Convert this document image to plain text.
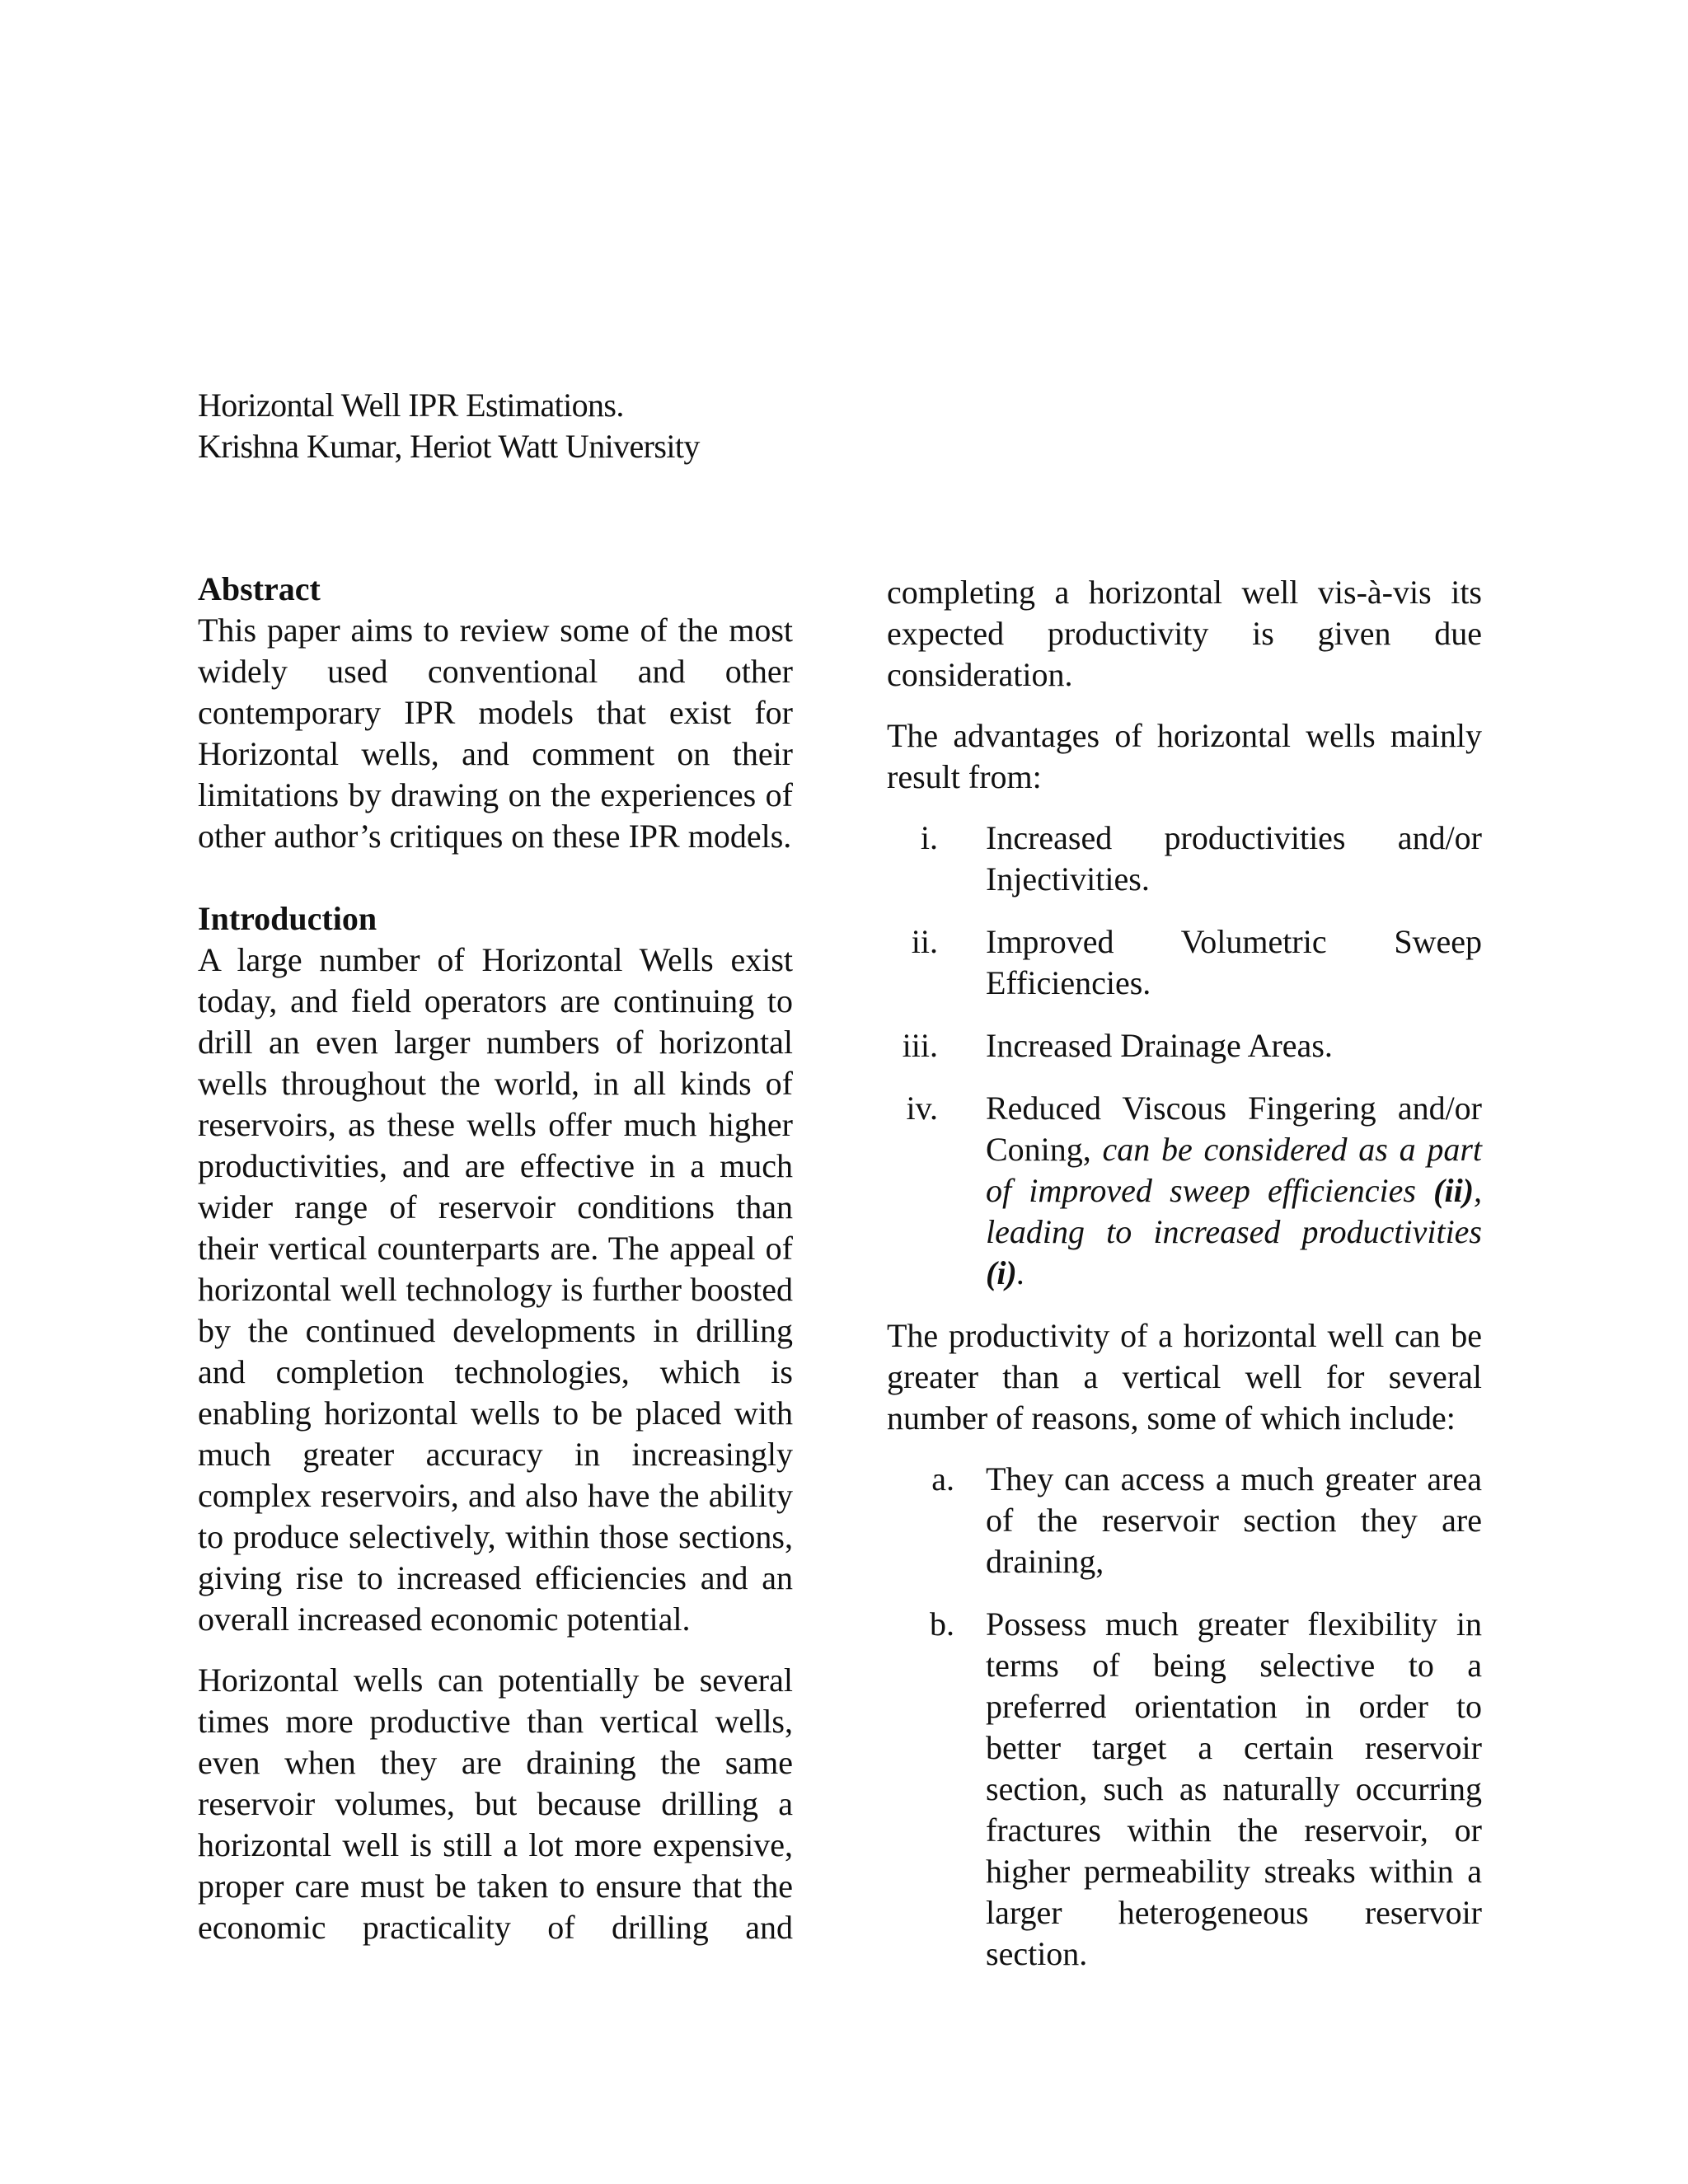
Horizontal Well IPR Estimations.
Krishna Kumar, Heriot Watt University
Abstract

This paper aims to review some of the most widely used conventional and other contemporary IPR models that exist for Horizontal wells, and comment on their limitations by drawing on the experiences of other author’s critiques on these IPR models.

Introduction

A large number of Horizontal Wells exist today, and field operators are continuing to drill an even larger numbers of horizontal wells throughout the world, in all kinds of reservoirs, as these wells offer much higher productivities, and are effective in a much wider range of reservoir conditions than their vertical counterparts are. The appeal of horizontal well technology is further boosted by the continued developments in drilling and completion technologies, which is enabling horizontal wells to be placed with much greater accuracy in increasingly complex reservoirs, and also have the ability to produce selectively, within those sections, giving rise to increased efficiencies and an overall increased economic potential.

Horizontal wells can potentially be several times more productive than vertical wells, even when they are draining the same reservoir volumes, but because drilling a horizontal well is still a lot more expensive, proper care must be taken to ensure that the economic practicality of drilling and

completing a horizontal well vis-à-vis its expected productivity is given due consideration.

The advantages of horizontal wells mainly result from:

i. Increased productivities and/or Injectivities.
ii. Improved Volumetric Sweep Efficiencies.
iii. Increased Drainage Areas.
iv. Reduced Viscous Fingering and/or Coning, can be considered as a part of improved sweep efficiencies (ii), leading to increased productivities (i).

The productivity of a horizontal well can be greater than a vertical well for several number of reasons, some of which include:

a. They can access a much greater area of the reservoir section they are draining,
b. Possess much greater flexibility in terms of being selective to a preferred orientation in order to better target a certain reservoir section, such as naturally occurring fractures within the reservoir, or higher permeability streaks within a larger heterogeneous reservoir section.
